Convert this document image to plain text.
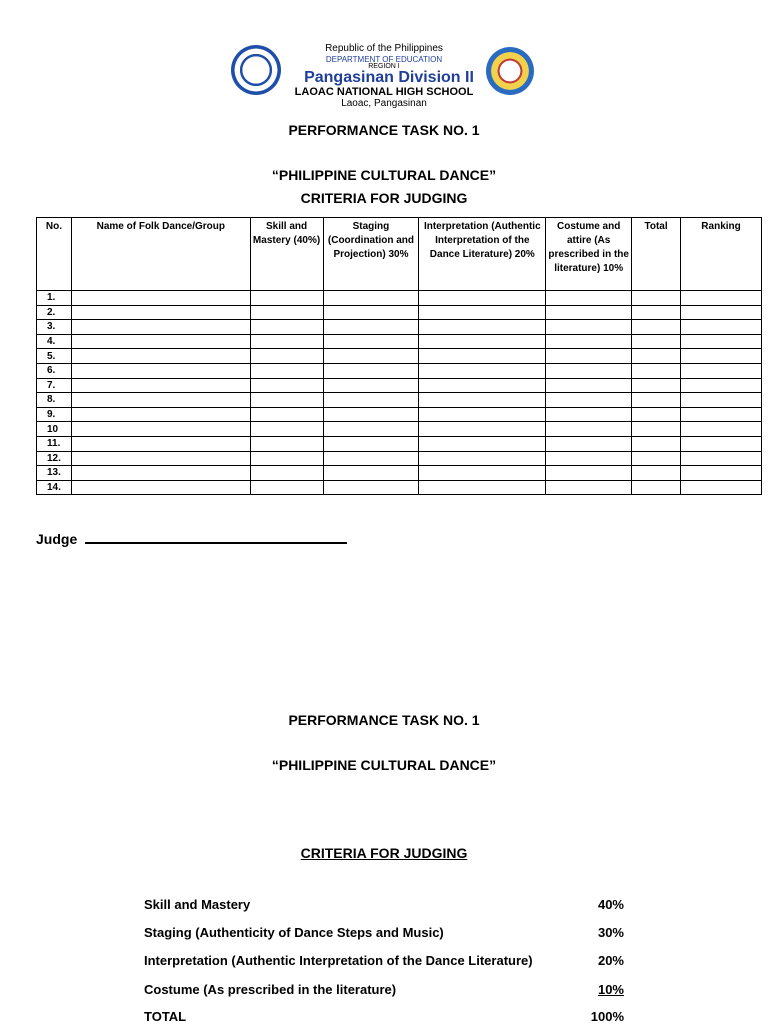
Republic of the Philippines
DEPARTMENT OF EDUCATION
REGION I
Pangasinan Division II
LAOAC NATIONAL HIGH SCHOOL
Laoac, Pangasinan
PERFORMANCE TASK NO. 1
“PHILIPPINE CULTURAL DANCE”
CRITERIA FOR JUDGING
No.	Name of Folk Dance/Group	Skill and Mastery (40%)	Staging (Coordination and Projection) 30%	Interpretation (Authentic Interpretation of the Dance Literature) 20%	Costume and attire (As prescribed in the literature) 10%	Total	Ranking
1.							
2.							
3.							
4.							
5.							
6.							
7.							
8.							
9.							
10							
11.							
12.							
13.							
14.							
Judge
PERFORMANCE TASK NO. 1
“PHILIPPINE CULTURAL DANCE”
CRITERIA FOR JUDGING
Skill and Mastery	40%
Staging (Authenticity of Dance Steps and Music)	30%
Interpretation (Authentic Interpretation of the Dance Literature)	20%
Costume (As prescribed in the literature)	10%
TOTAL	100%
